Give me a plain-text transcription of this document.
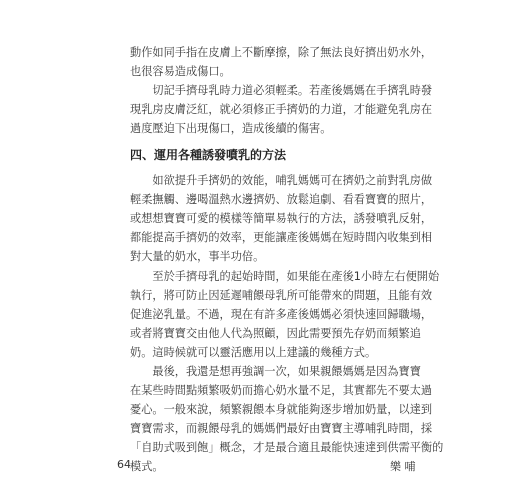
動作如同手指在皮膚上不斷摩擦，除了無法良好擠出奶水外，
也很容易造成傷口。
　　切記手擠母乳時力道必須輕柔。若產後媽媽在手擠乳時發
現乳房皮膚泛紅，就必須修正手擠奶的力道，才能避免乳房在
過度壓迫下出現傷口，造成後續的傷害。
四、運用各種誘發噴乳的方法
　　如欲提升手擠奶的效能，哺乳媽媽可在擠奶之前對乳房做
輕柔撫觸、邊喝溫熱水邊擠奶、放鬆追劇、看看寶寶的照片，
或想想寶寶可愛的模樣等簡單易執行的方法，誘發噴乳反射，
都能提高手擠奶的效率，更能讓產後媽媽在短時間內收集到相
對大量的奶水，事半功倍。
　　至於手擠母乳的起始時間，如果能在產後1小時左右便開始
執行，將可防止因延遲哺餵母乳所可能帶來的問題，且能有效
促進泌乳量。不過，現在有許多產後媽媽必須快速回歸職場，
或者將寶寶交由他人代為照顧，因此需要預先存奶而頻繁追
奶。這時候就可以靈活應用以上建議的幾種方式。
　　最後，我還是想再強調一次，如果親餵媽媽是因為寶寶
在某些時間點頻繁吸奶而擔心奶水量不足，其實都先不要太過
憂心。一般來說，頻繁親餵本身就能夠逐步增加奶量，以達到
寶寶需求，而親餵母乳的媽媽們最好由寶寶主導哺乳時間，採
「自助式吸到飽」概念，才是最合適且最能快速達到供需平衡的
模式。
64	樂 哺
